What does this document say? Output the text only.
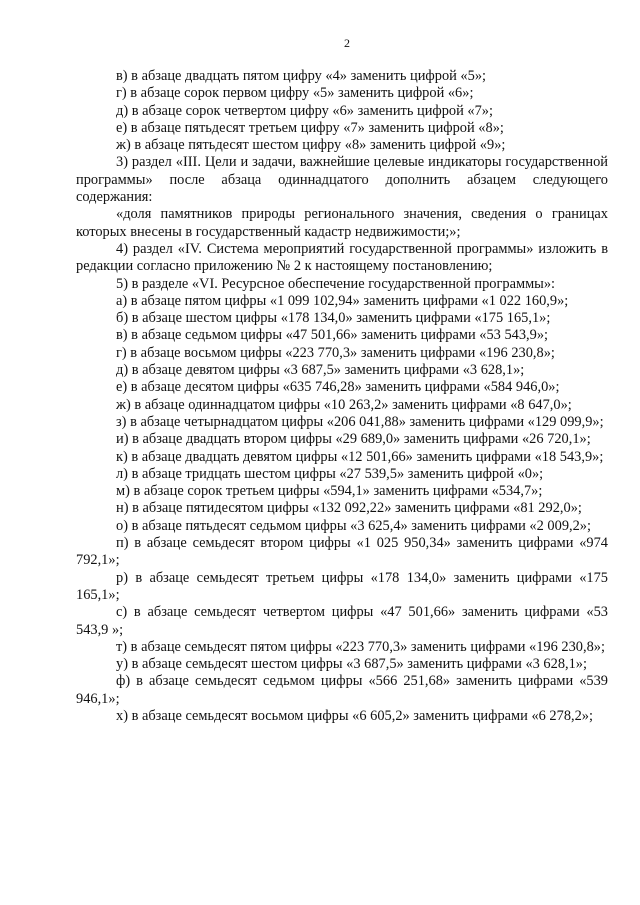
2
в) в абзаце двадцать пятом цифру «4» заменить цифрой «5»;
г) в абзаце сорок первом цифру «5» заменить цифрой «6»;
д) в абзаце сорок четвертом цифру «6» заменить цифрой «7»;
е) в абзаце пятьдесят третьем цифру «7» заменить цифрой «8»;
ж) в абзаце пятьдесят шестом цифру «8» заменить цифрой «9»;
3) раздел «III. Цели и задачи, важнейшие целевые индикаторы государственной программы» после абзаца одиннадцатого дополнить абзацем следующего содержания:
«доля памятников природы регионального значения, сведения о границах которых внесены в государственный кадастр недвижимости;»;
4) раздел «IV. Система мероприятий государственной программы» изложить в редакции согласно приложению № 2 к настоящему постановлению;
5) в разделе «VI. Ресурсное обеспечение государственной программы»:
а) в абзаце пятом цифры «1 099 102,94» заменить цифрами «1 022 160,9»;
б) в абзаце шестом цифры «178 134,0» заменить цифрами «175 165,1»;
в) в абзаце седьмом цифры «47 501,66» заменить цифрами «53 543,9»;
г) в абзаце восьмом цифры «223 770,3» заменить цифрами «196 230,8»;
д) в абзаце девятом цифры «3 687,5» заменить цифрами «3 628,1»;
е) в абзаце десятом цифры «635 746,28» заменить цифрами «584 946,0»;
ж) в абзаце одиннадцатом цифры «10 263,2» заменить цифрами «8 647,0»;
з) в абзаце четырнадцатом цифры «206 041,88» заменить цифрами «129 099,9»;
и) в абзаце двадцать втором цифры «29 689,0» заменить цифрами «26 720,1»;
к) в абзаце двадцать девятом цифры «12 501,66» заменить цифрами «18 543,9»;
л) в абзаце тридцать шестом цифры «27 539,5» заменить цифрой «0»;
м) в абзаце сорок третьем цифры «594,1» заменить цифрами «534,7»;
н) в абзаце пятидесятом цифры «132 092,22» заменить цифрами «81 292,0»;
о) в абзаце пятьдесят седьмом цифры «3 625,4» заменить цифрами «2 009,2»;
п) в абзаце семьдесят втором цифры «1 025 950,34» заменить цифрами «974 792,1»;
р) в абзаце семьдесят третьем цифры «178 134,0» заменить цифрами «175 165,1»;
с) в абзаце семьдесят четвертом цифры «47 501,66» заменить цифрами «53 543,9 »;
т) в абзаце семьдесят пятом цифры «223 770,3» заменить цифрами «196 230,8»;
у) в абзаце семьдесят шестом цифры «3 687,5» заменить цифрами «3 628,1»;
ф) в абзаце семьдесят седьмом цифры «566 251,68» заменить цифрами «539 946,1»;
х) в абзаце семьдесят восьмом цифры «6 605,2» заменить цифрами «6 278,2»;
